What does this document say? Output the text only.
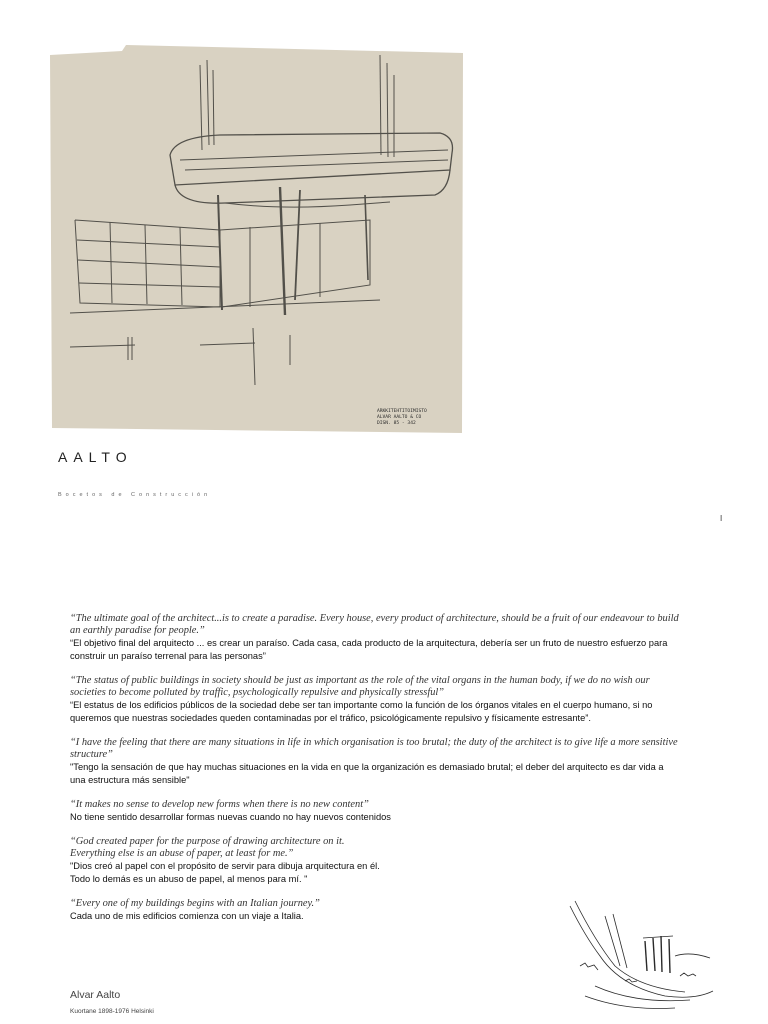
ARKKITEHTITOIMISTO
ALVAR AALTO & CO
DISN. 85 - 342
AALTO
Bocetos de Construcción
I
“The ultimate goal of the architect...is to create a paradise. Every house, every product of architecture, should be a fruit of our endeavour to build
an earthly paradise for people.”
“El objetivo final del arquitecto ... es crear un paraíso. Cada casa, cada producto de la arquitectura, debería ser un fruto de nuestro esfuerzo para
construir un paraíso terrenal para las personas”
“The status of public buildings in society should be just as important as the role of the vital organs in the human body, if we do no wish our
societies to become polluted by traffic, psychologically repulsive and physically stressful”
“El estatus de los edificios públicos de la sociedad debe ser tan importante como la función de los órganos vitales en el cuerpo humano, si no
queremos que nuestras sociedades queden contaminadas por el tráfico, psicológicamente repulsivo y físicamente estresante”.
“I have the feeling that there are many situations in life in which organisation is too brutal; the duty of the architect is to give life a more sensitive
structure”
"Tengo la sensación de que hay muchas situaciones en la vida en que la organización es demasiado brutal; el deber del arquitecto es dar vida a
una estructura más sensible"
“It makes no sense to develop new forms when there is no new content”
No tiene sentido desarrollar formas nuevas cuando no hay nuevos contenidos
“God created paper for the purpose of drawing architecture on it.
Everything else is an abuse of paper, at least for me.”
"Dios creó al papel con el propósito de servir para dibuja arquitectura en él.
Todo lo demás es un abuso de papel, al menos para mí. "
“Every one of my buildings begins with an Italian journey.”
Cada uno de mis edificios comienza con un viaje a Italia.
Alvar Aalto
Kuortane 1898-1976 Helsinki
